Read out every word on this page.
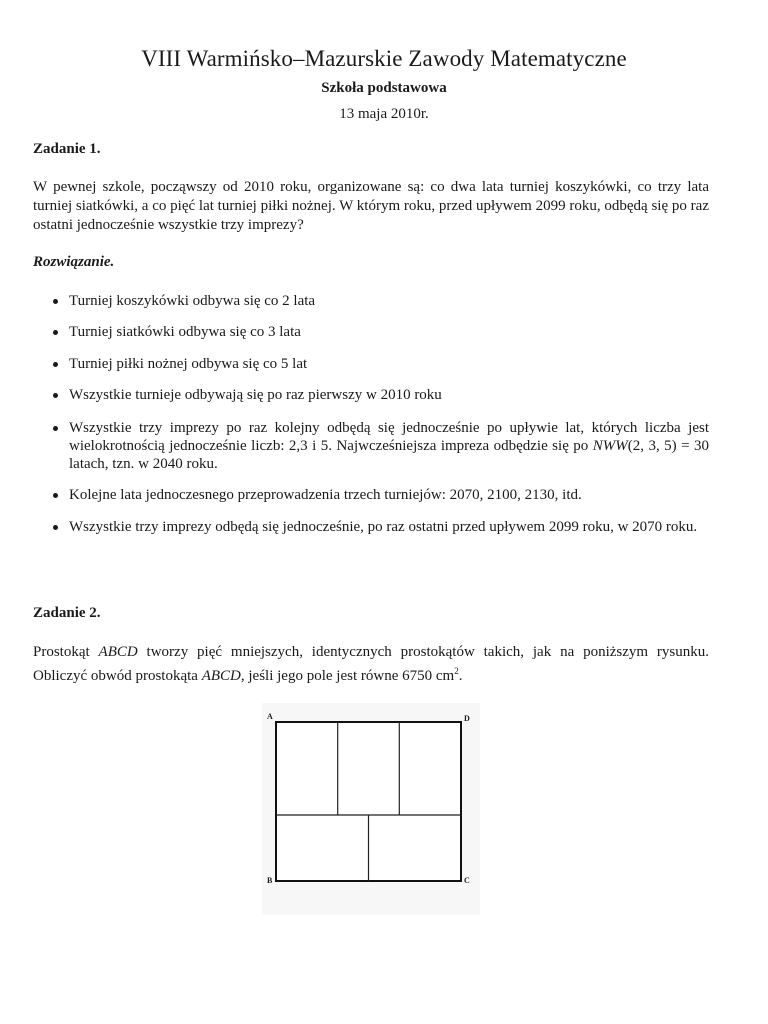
VIII Warmińsko–Mazurskie Zawody Matematyczne
Szkoła podstawowa
13 maja 2010r.
Zadanie 1.
W pewnej szkole, począwszy od 2010 roku, organizowane są: co dwa lata turniej koszykówki, co trzy lata turniej siatkówki, a co pięć lat turniej piłki nożnej. W którym roku, przed upływem 2099 roku, odbędą się po raz ostatni jednocześnie wszystkie trzy imprezy?
Rozwiązanie.
Turniej koszykówki odbywa się co 2 lata
Turniej siatkówki odbywa się co 3 lata
Turniej piłki nożnej odbywa się co 5 lat
Wszystkie turnieje odbywają się po raz pierwszy w 2010 roku
Wszystkie trzy imprezy po raz kolejny odbędą się jednocześnie po upływie lat, których liczba jest wielokrotnością jednocześnie liczb: 2,3 i 5. Najwcześniejsza impreza odbędzie się po NWW(2, 3, 5) = 30 latach, tzn. w 2040 roku.
Kolejne lata jednoczesnego przeprowadzenia trzech turniejów: 2070, 2100, 2130, itd.
Wszystkie trzy imprezy odbędą się jednocześnie, po raz ostatni przed upływem 2099 roku, w 2070 roku.
Zadanie 2.
Prostokąt ABCD tworzy pięć mniejszych, identycznych prostokątów takich, jak na poniższym rysunku. Obliczyć obwód prostokąta ABCD, jeśli jego pole jest równe 6750 $cm^2$.
A	D
B	C
